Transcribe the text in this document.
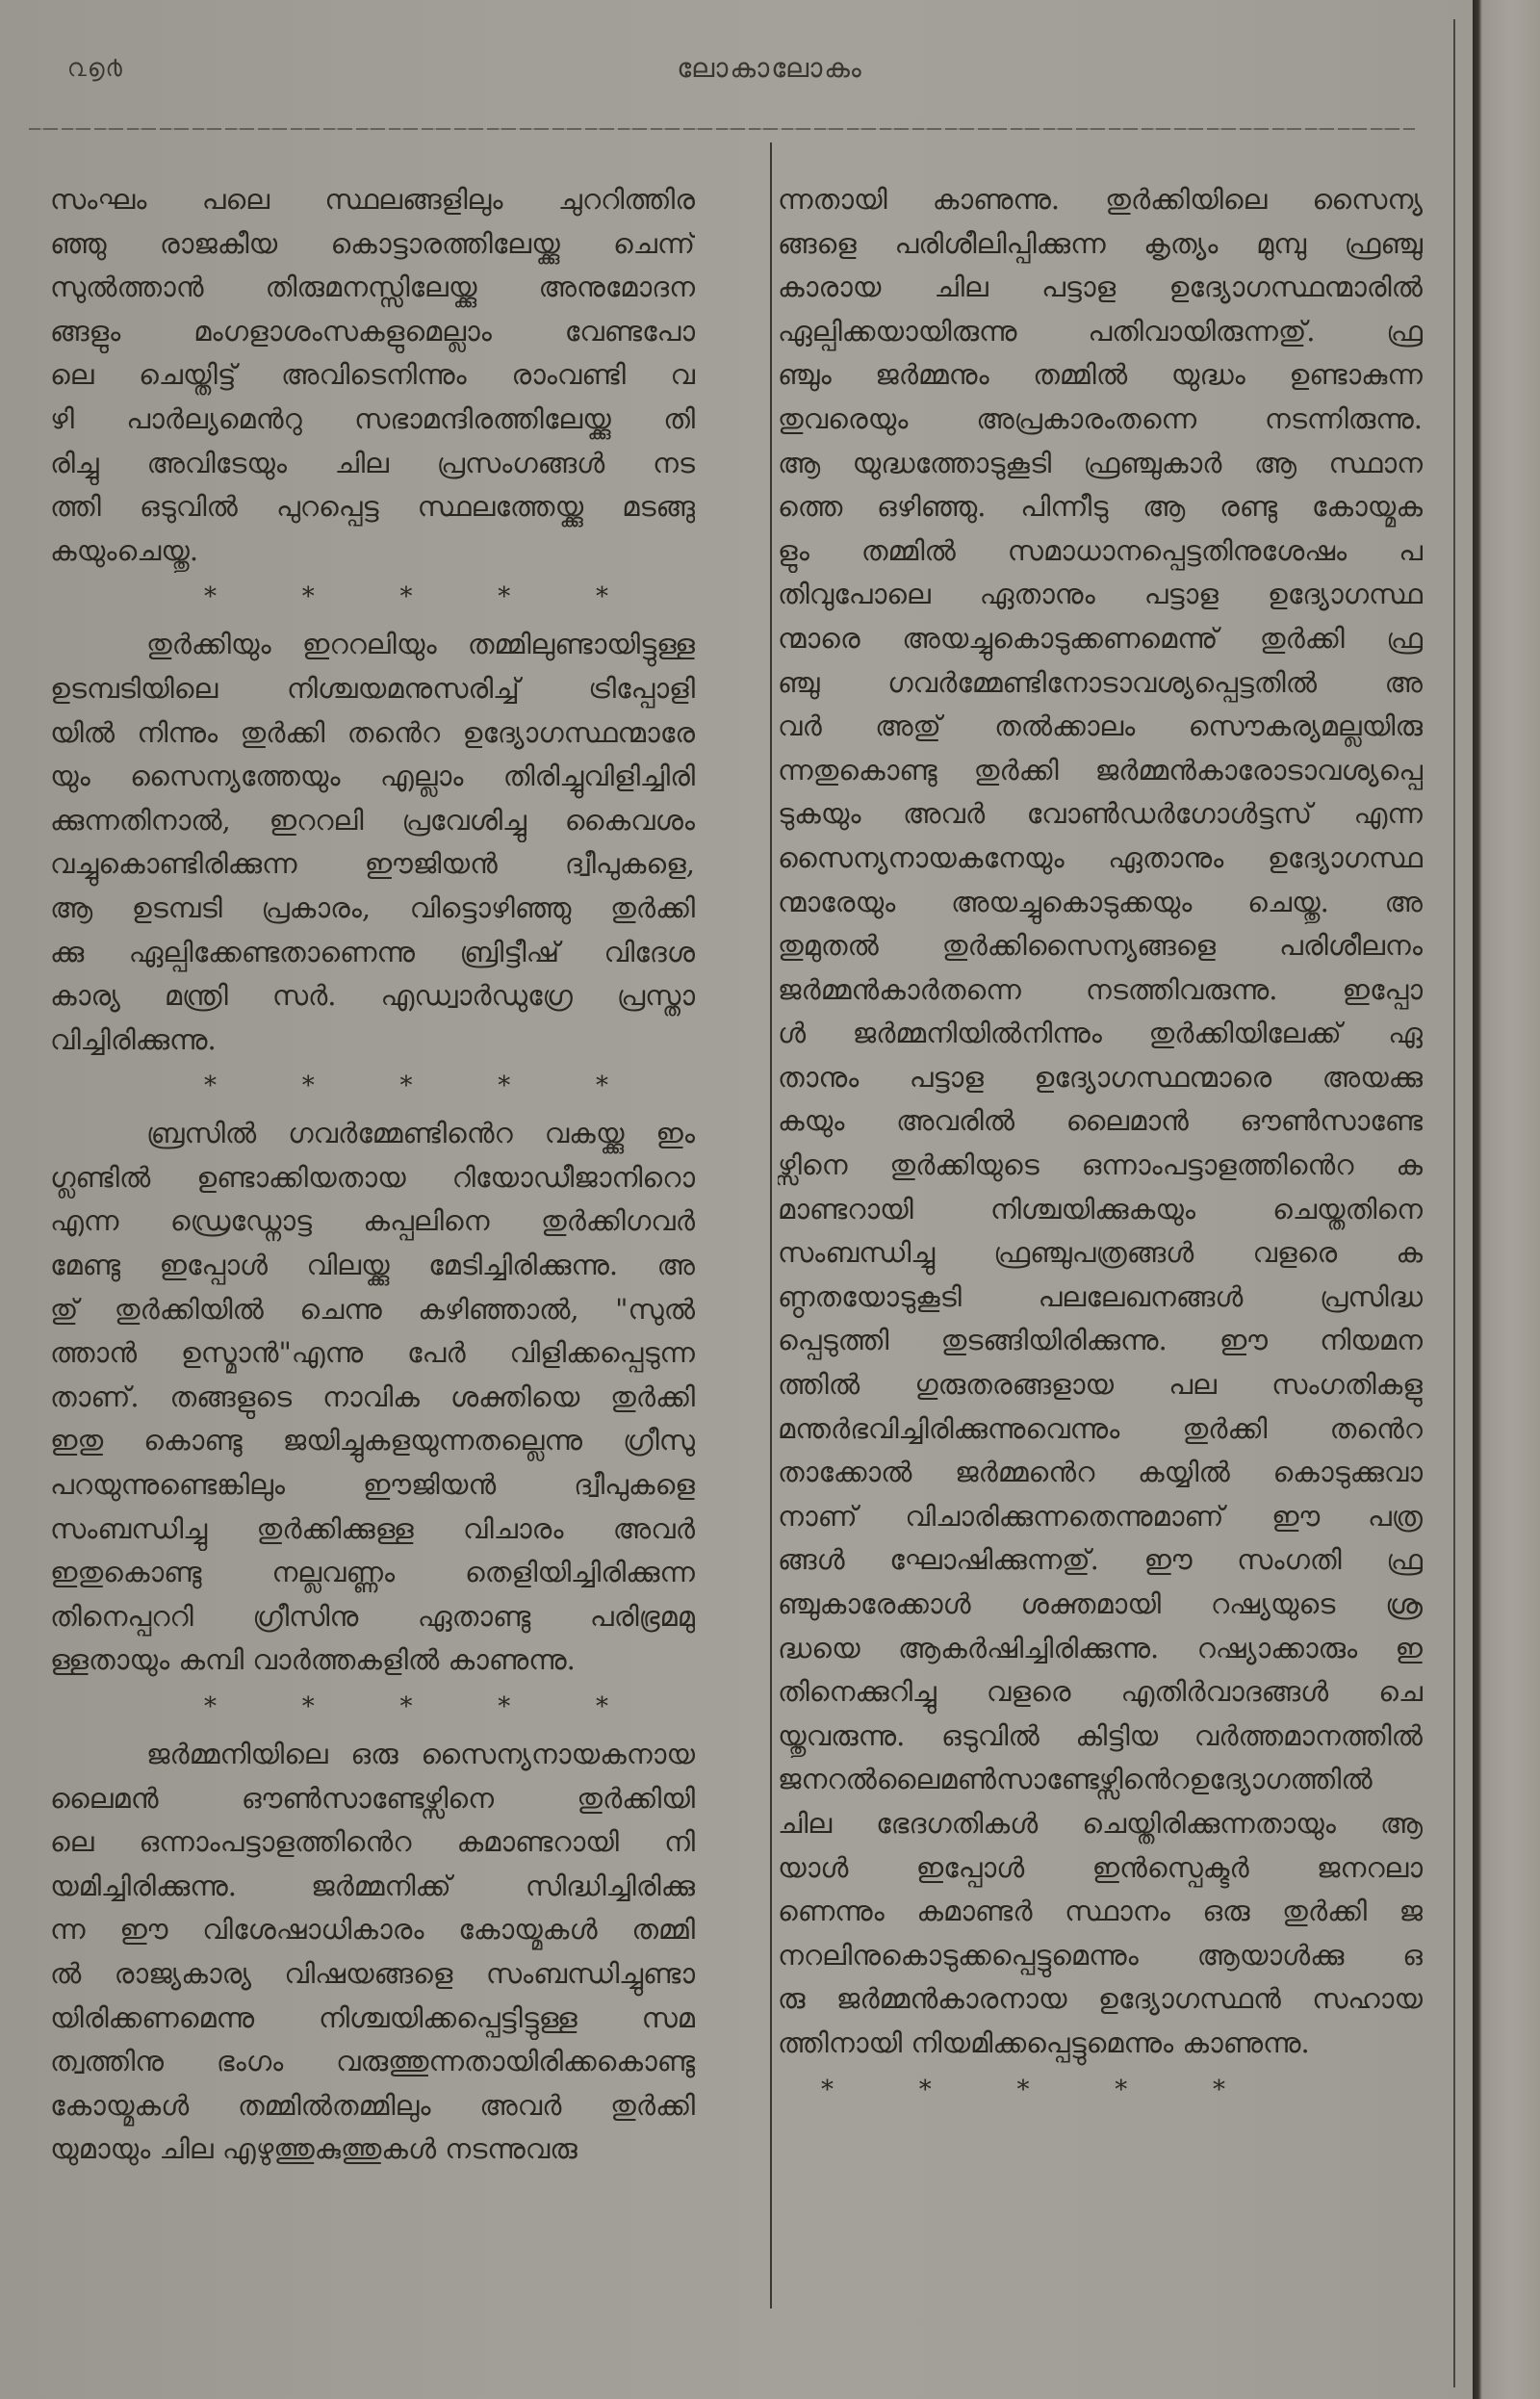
൨൭൪	ലോകാലോകം

സംഘം പലെ സ്ഥലങ്ങളിലും ചുററിത്തിര
ഞ്ഞു രാജകീയ കൊട്ടാരത്തിലേയ്ക്കു ചെന്ന്
സുൽത്താൻ തിരുമനസ്സിലേയ്ക്കു അനുമോദന
ങ്ങളും മംഗളാശംസകളുമെല്ലാം വേണ്ടപോ
ലെ ചെയ്തിട്ട് അവിടെനിന്നും രാംവണ്ടി വ
ഴി പാർല്യമെൻറു സഭാമന്ദിരത്തിലേയ്ക്കു തി
രിച്ചു അവിടേയും ചില പ്രസംഗങ്ങൾ നട
ത്തി ഒടുവിൽ പുറപ്പെട്ട സ്ഥലത്തേയ്ക്കു മടങ്ങു
കയുംചെയ്തു.

*	*	*	*	*

തുർക്കിയും ഇററലിയും തമ്മിലുണ്ടായിട്ടുള്ള
ഉടമ്പടിയിലെ നിശ്ചയമനുസരിച്ച് ട്രിപ്പോളി
യിൽ നിന്നും തുർക്കി തൻെറ ഉദ്യോഗസ്ഥന്മാരേ
യും സൈന്യത്തേയും എല്ലാം തിരിച്ചുവിളിച്ചിരി
ക്കുന്നതിനാൽ, ഇററലി പ്രവേശിച്ചു കൈവശം
വച്ചുകൊണ്ടിരിക്കുന്ന ഈജിയൻ ദ്വീപുകളെ,
ആ ഉടമ്പടി പ്രകാരം, വിട്ടൊഴിഞ്ഞു തുർക്കി
ക്കു ഏല്പിക്കേണ്ടതാണെന്നു ബ്രിട്ടീഷ് വിദേശ
കാര്യ മന്ത്രി സർ. എഡ്വാർഡുഗ്രേ പ്രസ്താ
വിച്ചിരിക്കുന്നു.

*	*	*	*	*

ബ്രസിൽ ഗവർമ്മേണ്ടിൻെറ വകയ്ക്കു ഇം
ഗ്ലണ്ടിൽ ഉണ്ടാക്കിയതായ റിയോഡീജാനിറൊ
എന്ന ഡ്രെഡ്നോട്ട കപ്പലിനെ തുർക്കിഗവർ
മേണ്ടു ഇപ്പോൾ വിലയ്ക്കു മേടിച്ചിരിക്കുന്നു. അ
തു് തുർക്കിയിൽ ചെന്നു കഴിഞ്ഞാൽ, "സുൽ
ത്താൻ ഉസ്മാൻ"എന്നു പേർ വിളിക്കപ്പെടുന്ന
താണ്. തങ്ങളുടെ നാവിക ശക്തിയെ തുർക്കി
ഇതു കൊണ്ടു ജയിച്ചുകളയുന്നതല്ലെന്നു ഗ്രീസു
പറയുന്നുണ്ടെങ്കിലും ഈജിയൻ ദ്വീപുകളെ
സംബന്ധിച്ചു തുർക്കിക്കുള്ള വിചാരം അവർ
ഇതുകൊണ്ടു നല്ലവണ്ണം തെളിയിച്ചിരിക്കുന്ന
തിനെപ്പററി ഗ്രീസിനു ഏതാണ്ടു പരിഭ്രമമു
ള്ളതായും കമ്പി വാർത്തകളിൽ കാണുന്നു.

*	*	*	*	*

ജർമ്മനിയിലെ ഒരു സൈന്യനായകനായ
ലൈമൻ ഔൺസാണ്ടേഴ്സിനെ തുർക്കിയി
ലെ ഒന്നാംപട്ടാളത്തിൻെറ കമാണ്ടറായി നി
യമിച്ചിരിക്കുന്നു. ജർമ്മനിക്ക് സിദ്ധിച്ചിരിക്കു
ന്ന ഈ വിശേഷാധികാരം കോയ്മകൾ തമ്മി
ൽ രാജ്യകാര്യ വിഷയങ്ങളെ സംബന്ധിച്ചുണ്ടാ
യിരിക്കണമെന്നു നിശ്ചയിക്കപ്പെട്ടിട്ടുള്ള സമ
ത്വത്തിനു ഭംഗം വരുത്തുന്നതായിരിക്കകൊണ്ടു
കോയ്മകൾ തമ്മിൽതമ്മിലും അവർ തുർക്കി
യുമായും ചില എഴുത്തുകുത്തുകൾ നടന്നുവരു

ന്നതായി കാണുന്നു. തുർക്കിയിലെ സൈന്യ
ങ്ങളെ പരിശീലിപ്പിക്കുന്ന കൃത്യം മുമ്പു ഫ്രഞ്ചു
കാരായ ചില പട്ടാള ഉദ്യോഗസ്ഥന്മാരിൽ
ഏല്പിക്കയായിരുന്നു പതിവായിരുന്നതു്. ഫ്ര
ഞ്ചും ജർമ്മനും തമ്മിൽ യുദ്ധം ഉണ്ടാകുന്ന
തുവരെയും അപ്രകാരംതന്നെ നടന്നിരുന്നു.
ആ യുദ്ധത്തോടുകൂടി ഫ്രഞ്ചുകാർ ആ സ്ഥാന
ത്തെ ഒഴിഞ്ഞു. പിന്നീടു ആ രണ്ടു കോയ്മക
ളും തമ്മിൽ സമാധാനപ്പെട്ടതിനുശേഷം പ
തിവുപോലെ ഏതാനും പട്ടാള ഉദ്യോഗസ്ഥ
ന്മാരെ അയച്ചുകൊടുക്കണമെന്നു് തുർക്കി ഫ്ര
ഞ്ചു ഗവർമ്മേണ്ടിനോടാവശ്യപ്പെട്ടതിൽ അ
വർ അതു് തൽക്കാലം സൌകര്യമല്ലയിരു
ന്നതുകൊണ്ടു തുർക്കി ജർമ്മൻകാരോടാവശ്യപ്പെ
ടുകയും അവർ വോൺഡർഗോൾട്ടസ് എന്ന
സൈന്യനായകനേയും ഏതാനും ഉദ്യോഗസ്ഥ
ന്മാരേയും അയച്ചുകൊടുക്കയും ചെയ്തു. അ
തുമുതൽ തുർക്കിസൈന്യങ്ങളെ പരിശീലനം
ജർമ്മൻകാർതന്നെ നടത്തിവരുന്നു. ഇപ്പോ
ൾ ജർമ്മനിയിൽനിന്നും തുർക്കിയിലേക്ക് ഏ
താനും പട്ടാള ഉദ്യോഗസ്ഥന്മാരെ അയക്കു
കയും അവരിൽ ലൈമാൻ ഔൺസാണ്ടേ
ഴ്സിനെ തുർക്കിയുടെ ഒന്നാംപട്ടാളത്തിൻെറ ക
മാണ്ടറായി നിശ്ചയിക്കുകയും ചെയ്തതിനെ
സംബന്ധിച്ചു ഫ്രഞ്ചുപത്രങ്ങൾ വളരെ ക
ണ്ഠതയോടുകൂടി പലലേഖനങ്ങൾ പ്രസിദ്ധ
പ്പെടുത്തി തുടങ്ങിയിരിക്കുന്നു. ഈ നിയമന
ത്തിൽ ഗുരുതരങ്ങളായ പല സംഗതികളു
മന്തർഭവിച്ചിരിക്കുന്നുവെന്നും തുർക്കി തൻെറ
താക്കോൽ ജർമ്മൻെറ കയ്യിൽ കൊടുക്കുവാ
നാണ് വിചാരിക്കുന്നതെന്നുമാണ് ഈ പത്ര
ങ്ങൾ ഘോഷിക്കുന്നതു്. ഈ സംഗതി ഫ്ര
ഞ്ചുകാരേക്കാൾ ശക്തമായി റഷ്യയുടെ ശ്ര
ദ്ധയെ ആകർഷിച്ചിരിക്കുന്നു. റഷ്യാക്കാരും ഇ
തിനെക്കുറിച്ചു വളരെ എതിർവാദങ്ങൾ ചെ
യ്തുവരുന്നു. ഒടുവിൽ കിട്ടിയ വർത്തമാനത്തിൽ
ജനറൽലൈമൺസാണ്ടേഴ്സിൻെറഉദ്യോഗത്തിൽ
ചില ഭേദഗതികൾ ചെയ്തിരിക്കുന്നതായും ആ
യാൾ ഇപ്പോൾ ഇൻസ്പെക്ടർ ജനറലാ
ണെന്നും കമാണ്ടർ സ്ഥാനം ഒരു തുർക്കി ജ
നറലിനുകൊടുക്കപ്പെട്ടുമെന്നും ആയാൾക്കു ഒ
രു ജർമ്മൻകാരനായ ഉദ്യോഗസ്ഥൻ സഹായ
ത്തിനായി നിയമിക്കപ്പെട്ടുമെന്നും കാണുന്നു.

*	*	*	*	*
